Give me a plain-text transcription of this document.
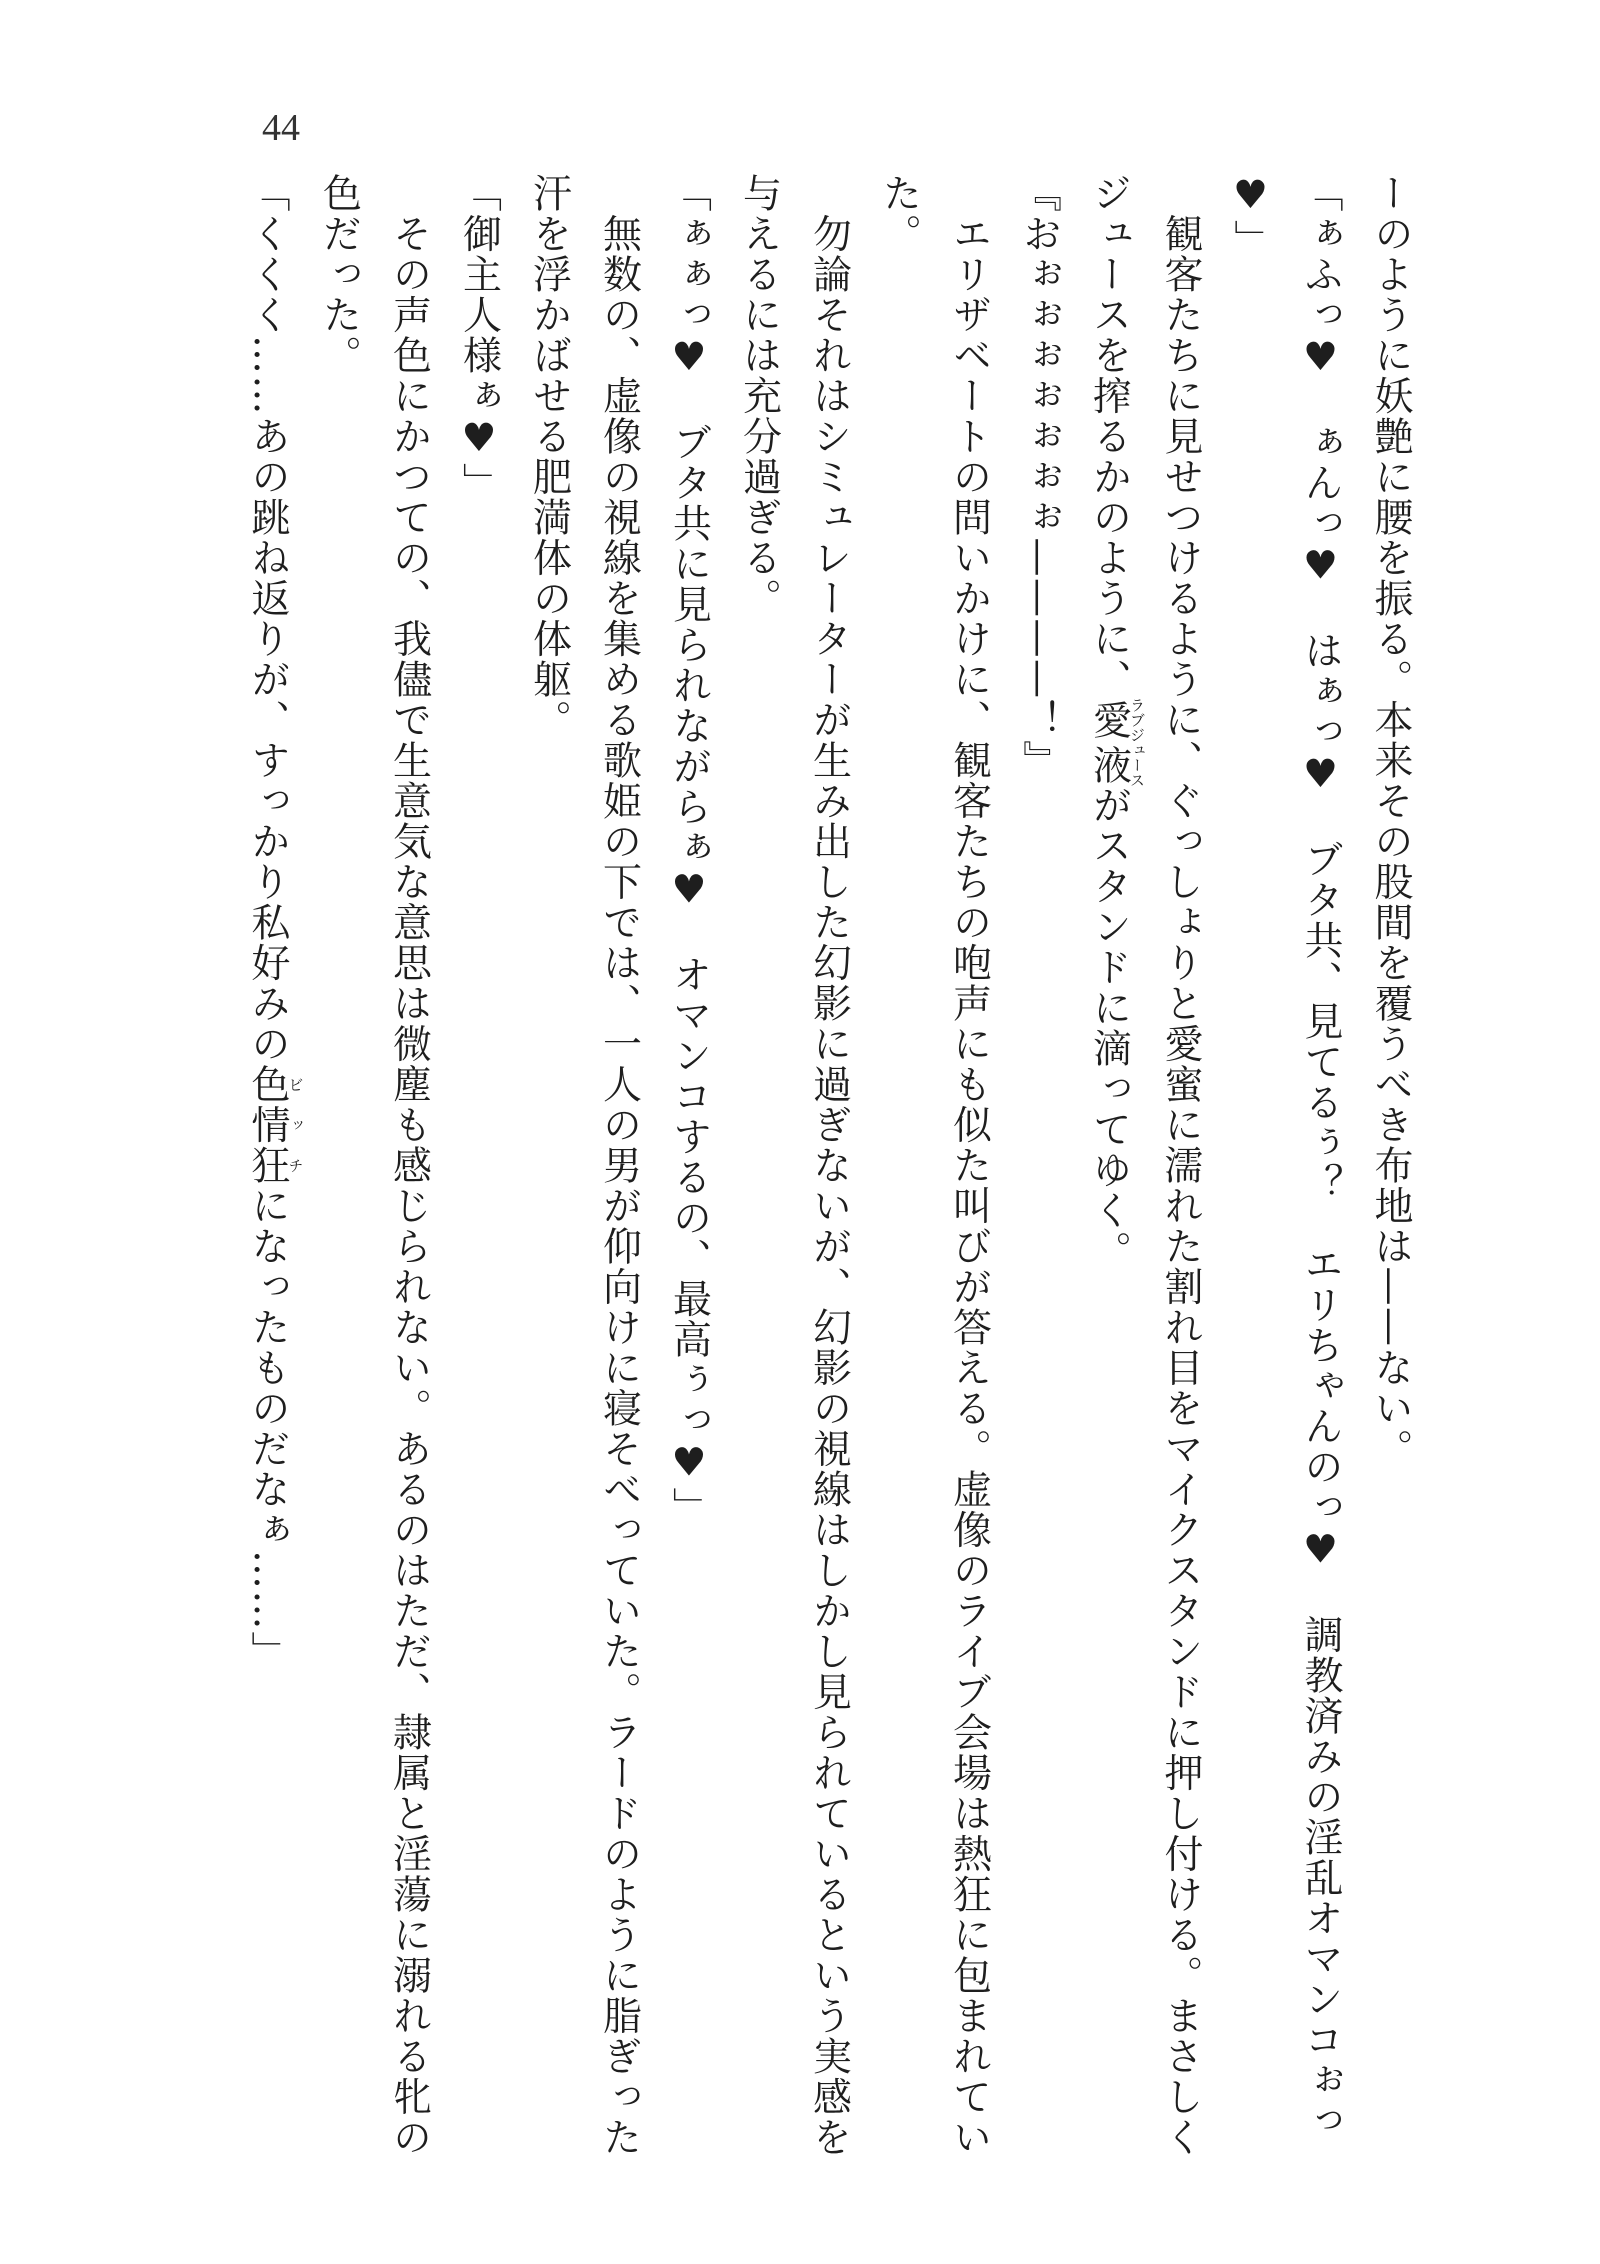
44
ーのように妖艶に腰を振る。本来その股間を覆うべき布地は——ない。
「ぁふっ♥　ぁんっ♥　はぁっ♥　ブタ共、見てるぅ？　エリちゃんのっ♥　調教済みの淫乱オマンコぉっ
♥」
　観客たちに見せつけるように、ぐっしょりと愛蜜に濡れた割れ目をマイクスタンドに押し付ける。まさしく
ジュースを搾るかのように、愛液ラブジュースがスタンドに滴ってゆく。
『おぉぉぉぉぉぉぉ————！』
　エリザベートの問いかけに、観客たちの咆声にも似た叫びが答える。虚像のライブ会場は熱狂に包まれてい
た。
　勿論それはシミュレーターが生み出した幻影に過ぎないが、幻影の視線はしかし見られているという実感を
与えるには充分過ぎる。
「ぁぁっ♥　ブタ共に見られながらぁ♥　オマンコするの、最高ぅっ♥」
　無数の、虚像の視線を集める歌姫の下では、一人の男が仰向けに寝そべっていた。ラードのように脂ぎった
汗を浮かばせる肥満体の体躯。
「御主人様ぁ♥」
　その声色にかつての、我儘で生意気な意思は微塵も感じられない。あるのはただ、隷属と淫蕩に溺れる牝の
色だった。
「くくく……あの跳ね返りが、すっかり私好みの色情狂ビッチになったものだなぁ……」
